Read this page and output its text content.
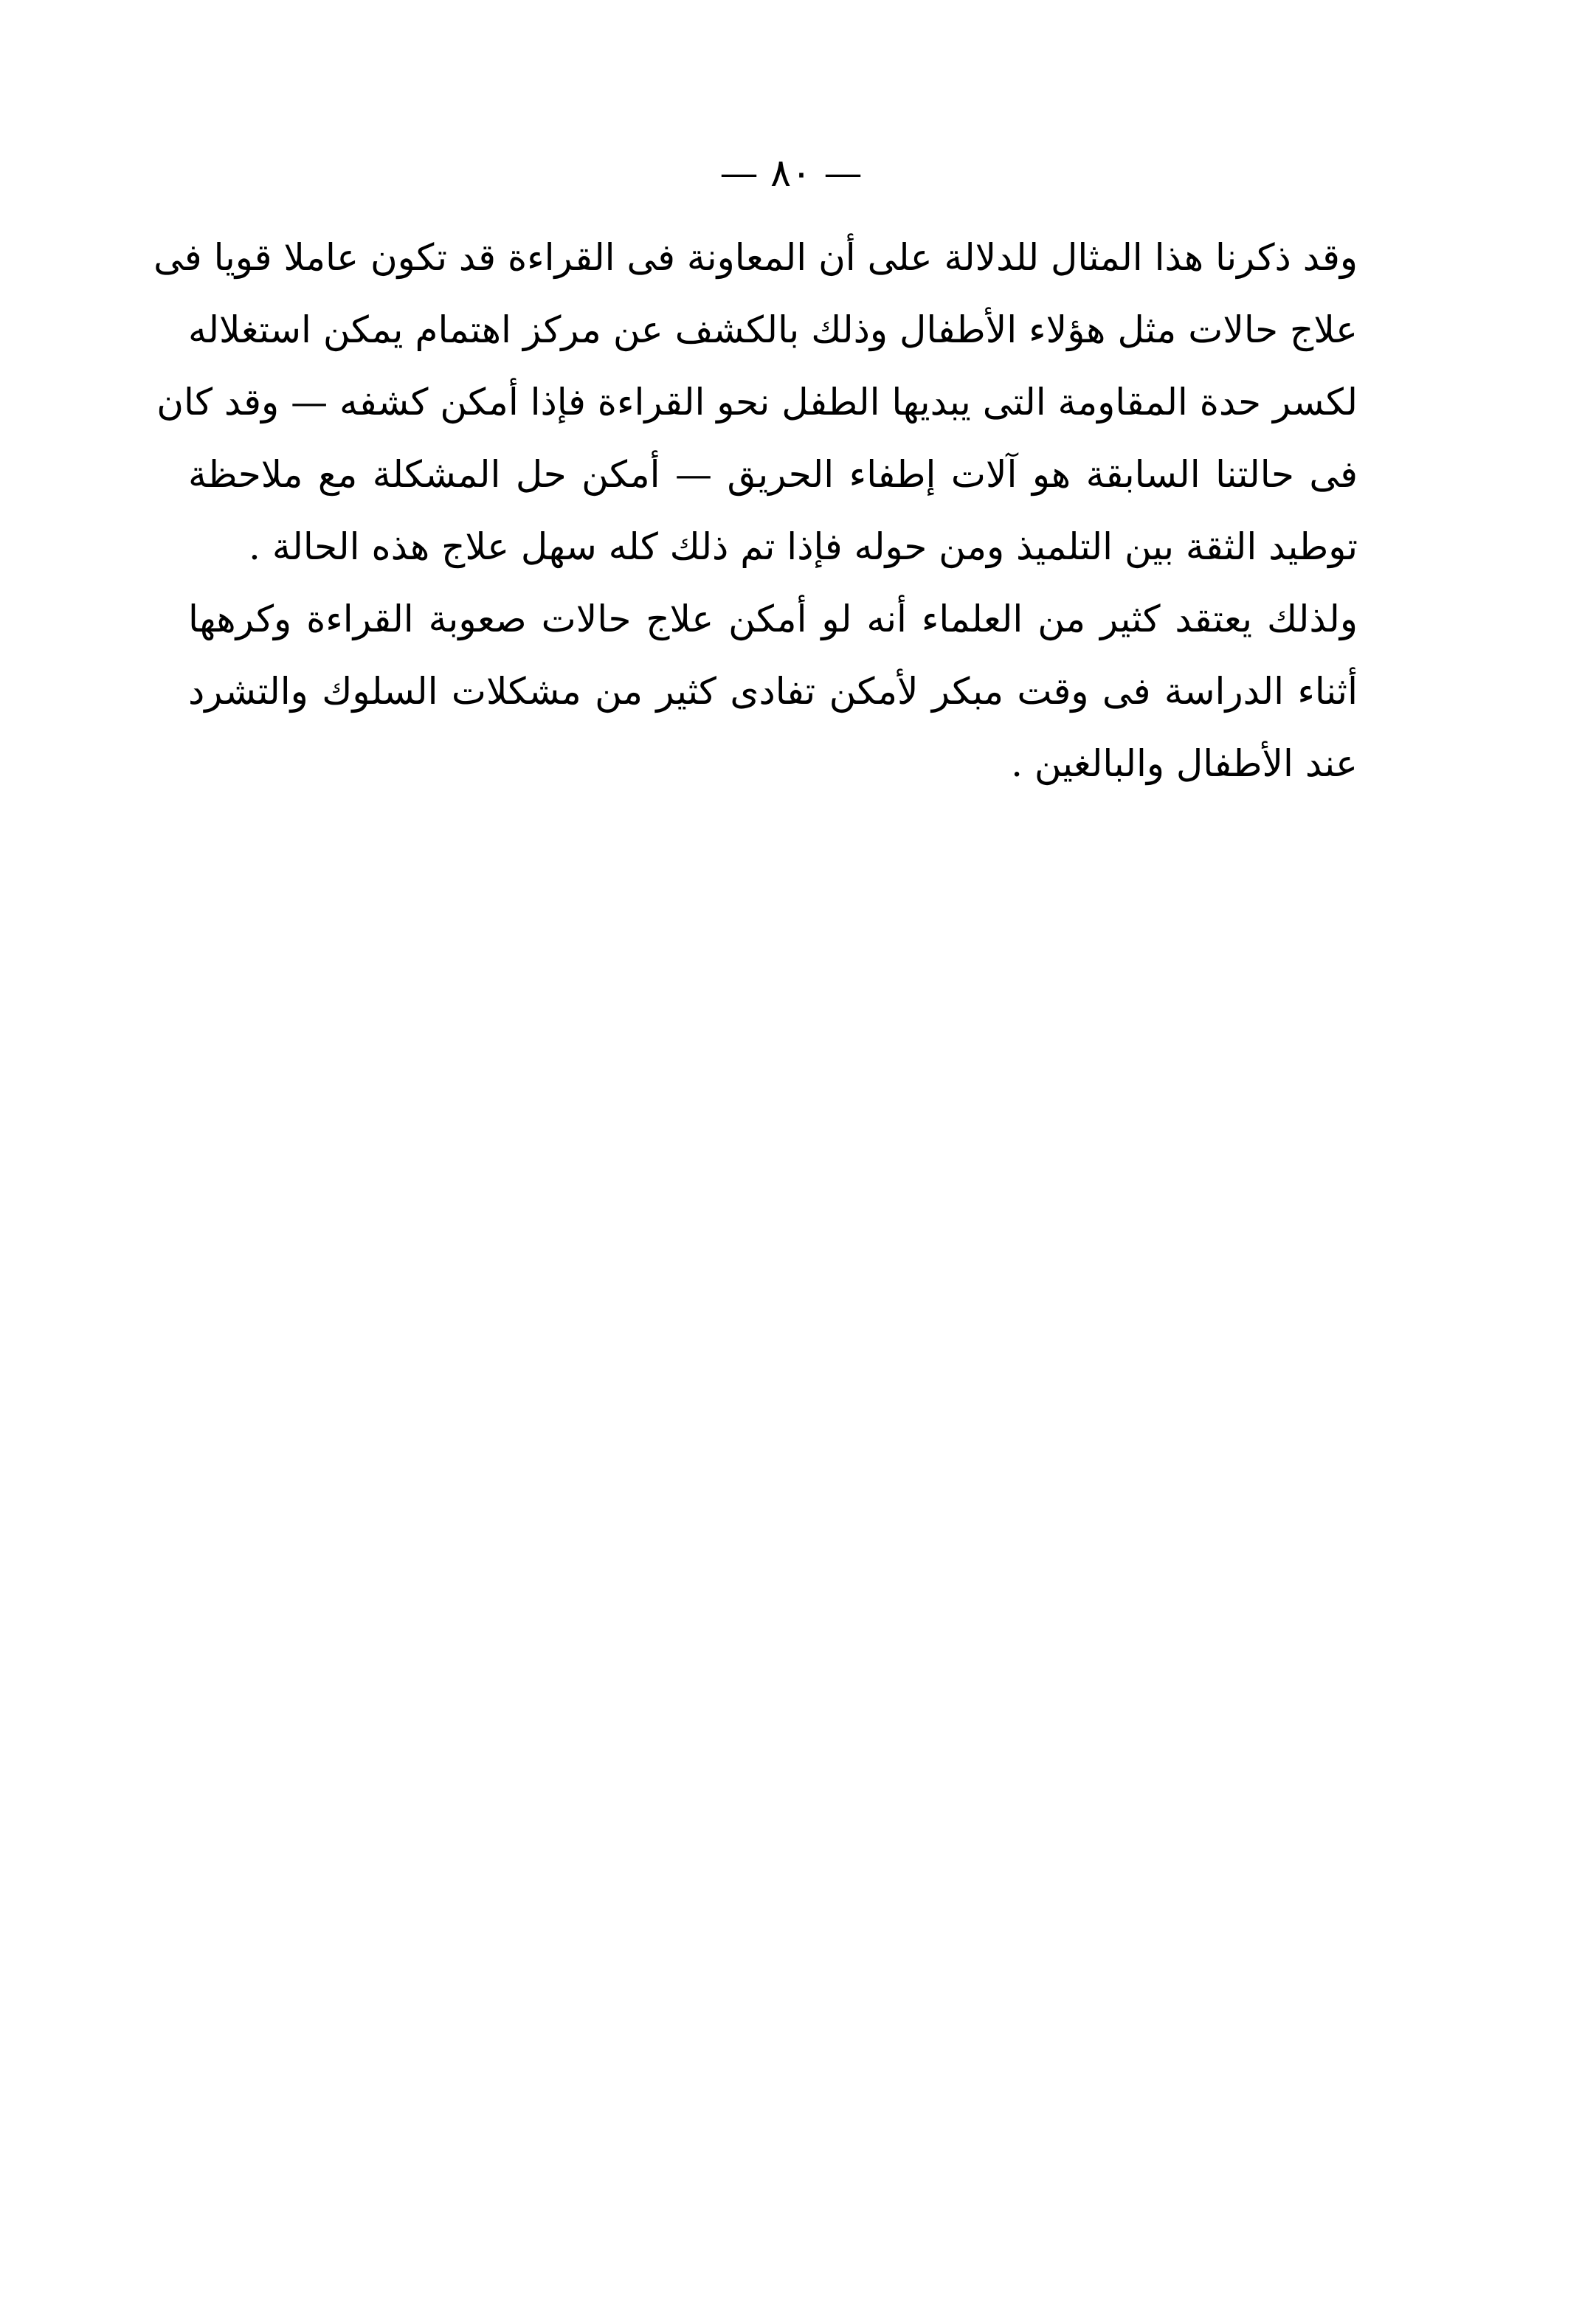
— ٨٠ —
وقد ذكرنا هذا المثال للدلالة على أن المعاونة فى القراءة قد تكون عاملا قويا فى
علاج حالات مثل هؤلاء الأطفال وذلك بالكشف عن مركز اهتمام يمكن استغلاله
لكسر حدة المقاومة التى يبديها الطفل نحو القراءة فإذا أمكن كشفه — وقد كان
فى حالتنا السابقة هو آلات إطفاء الحريق — أمكن حل المشكلة مع ملاحظة
توطيد الثقة بين التلميذ ومن حوله فإذا تم ذلك كله سهل علاج هذه الحالة .
ولذلك يعتقد كثير من العلماء أنه لو أمكن علاج حالات صعوبة القراءة وكرهها
أثناء الدراسة فى وقت مبكر لأمكن تفادى كثير من مشكلات السلوك والتشرد
عند الأطفال والبالغين .
